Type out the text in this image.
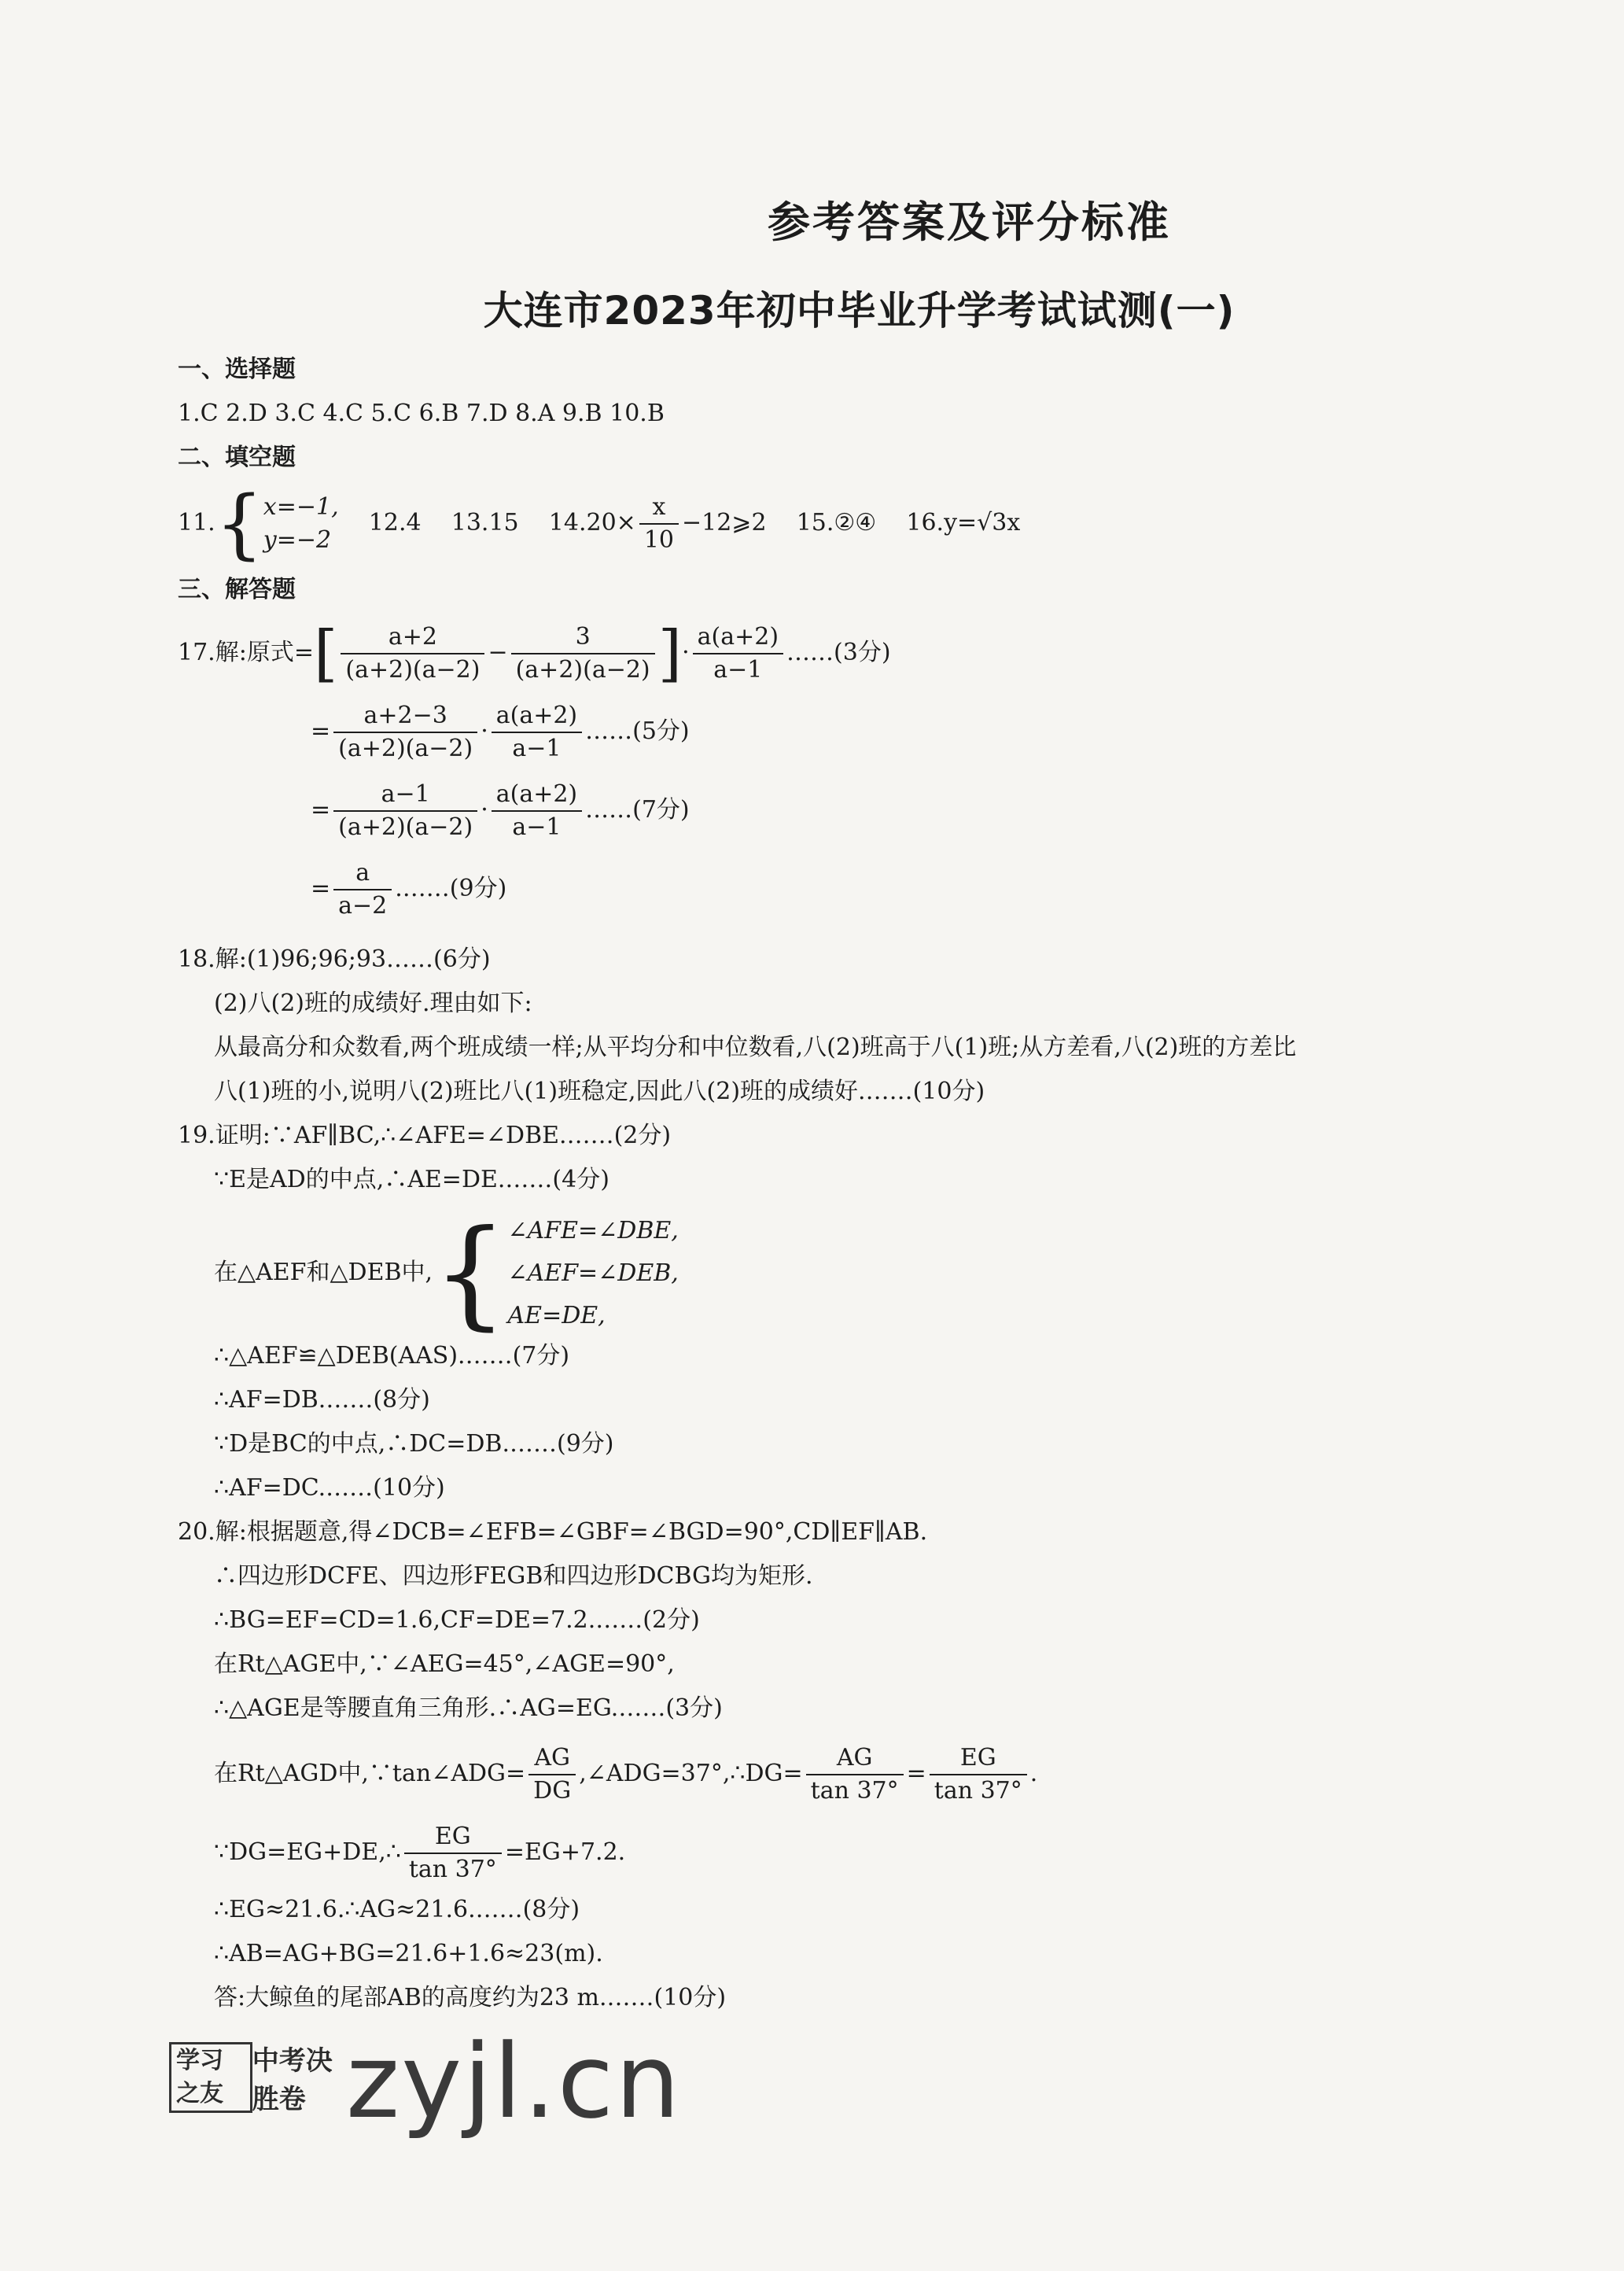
参考答案及评分标准
大连市2023年初中毕业升学考试试测(一)
一、选择题
1.C 2.D 3.C 4.C 5.C 6.B 7.D 8.A 9.B 10.B
二、填空题
11.{x=−1,
y=−2    12.4 13.15 $14.20\times \frac{x}{10}$ −12⩾2 15.②④ 16.y=√3x
三、解答题
17.解:原式=[ $\frac{a+2}{(a+2)(a-2)} - \frac{3}{(a+2)(a-2)}$ ]· $\frac{a(a+2)}{a-1}$ ……(3分)
= $\frac{a+2-3}{(a+2)(a-2)} \cdot \frac{a(a+2)}{a-1}$ ……(5分)
= $\frac{a-1}{(a+2)(a-2)} \cdot \frac{a(a+2)}{a-1}$ ……(7分)
= $\frac{a}{a-2}$ .……(9分)
18.解:(1)96;96;93……(6分)
(2)八(2)班的成绩好.理由如下:
从最高分和众数看,两个班成绩一样;从平均分和中位数看,八(2)班高于八(1)班;从方差看,八(2)班的方差比
八(1)班的小,说明八(2)班比八(1)班稳定,因此八(2)班的成绩好.……(10分)
19.证明:∵AF∥BC,∴∠AFE=∠DBE.……(2分)
∵E是AD的中点,∴AE=DE.……(4分)
在△AEF和△DEB中,{∠AFE=∠DBE,
∠AEF=∠DEB,
AE=DE,
∴△AEF≌△DEB(AAS).……(7分)
∴AF=DB.……(8分)
∵D是BC的中点,∴DC=DB.……(9分)
∴AF=DC.……(10分)
20.解:根据题意,得∠DCB=∠EFB=∠GBF=∠BGD=90°,CD∥EF∥AB.
∴四边形DCFE、四边形FEGB和四边形DCBG均为矩形.
∴BG=EF=CD=1.6,CF=DE=7.2.……(2分)
在Rt△AGE中,∵∠AEG=45°,∠AGE=90°,
∴△AGE是等腰直角三角形.∴AG=EG.……(3分)
在Rt△AGD中,∵tan∠ADG= $\frac{AG}{DG}$ ,∠ADG=37°,∴DG= $\frac{AG}{\tan 37^\circ} = \frac{EG}{\tan 37^\circ}$ .
∵DG=EG+DE,∴ $\frac{EG}{\tan 37^\circ} =EG+7.2$.
∴EG≈21.6.∴AG≈21.6.……(8分)
∴AB=AG+BG=21.6+1.6≈23(m).
答:大鲸鱼的尾部AB的高度约为23 m.……(10分)
学习之友
中考决胜卷 zyjl.cn
